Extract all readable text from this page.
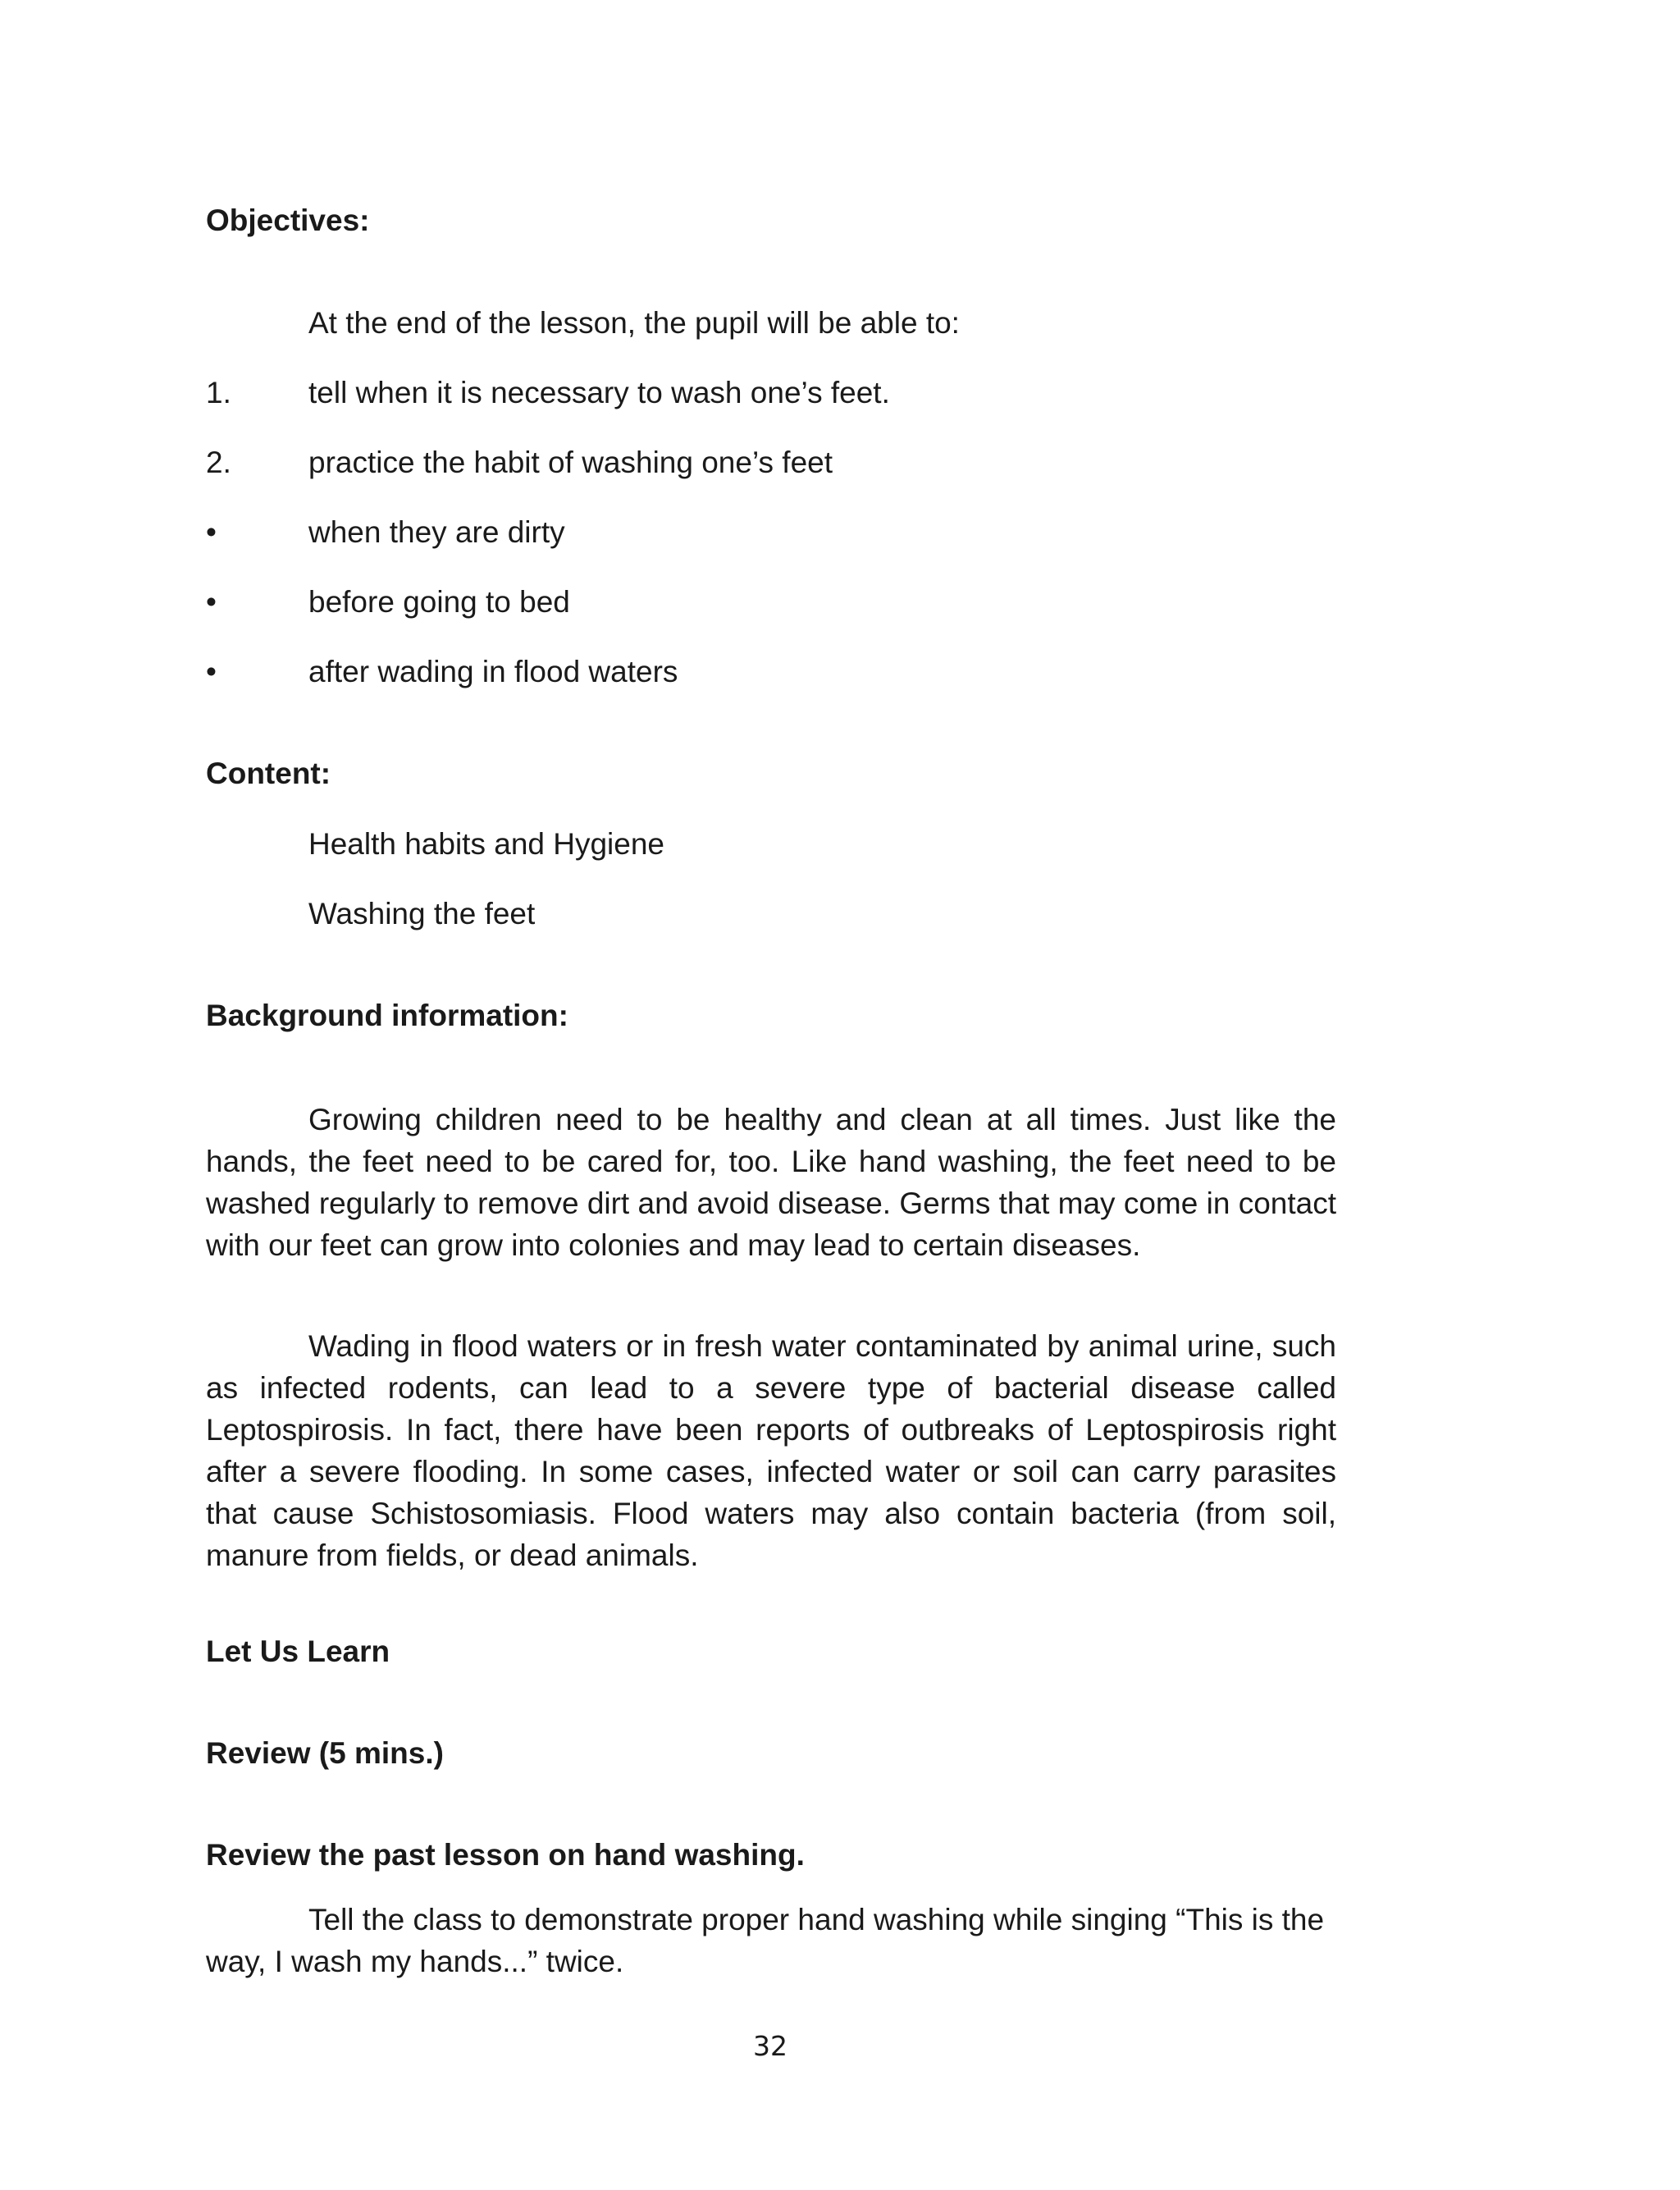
Objectives:

At the end of the lesson, the pupil will be able to:

1.	tell when it is necessary to wash one’s feet.

2.	practice the habit of washing one’s feet

•	when they are dirty

•	before going to bed

•	after wading in flood waters

Content:

Health habits and Hygiene

Washing the feet

Background information:

Growing children need to be healthy and clean at all times. Just like the hands, the feet need to be cared for, too. Like hand washing, the feet need to be washed regularly to remove dirt and avoid disease. Germs that may come in contact with our feet can grow into colonies and may lead to certain diseases.

Wading in flood waters or in fresh water contaminated by animal urine, such as infected rodents, can lead to a severe type of bacterial disease called Leptospirosis. In fact, there have been reports of outbreaks of Leptospirosis right after a severe flooding. In some cases, infected water or soil can carry parasites that cause Schistosomiasis. Flood waters may also contain bacteria (from soil, manure from fields, or dead animals.

Let Us Learn

Review (5 mins.)

Review the past lesson on hand washing.

Tell the class to demonstrate proper hand washing while singing “This is the way, I wash my hands...” twice.

32
